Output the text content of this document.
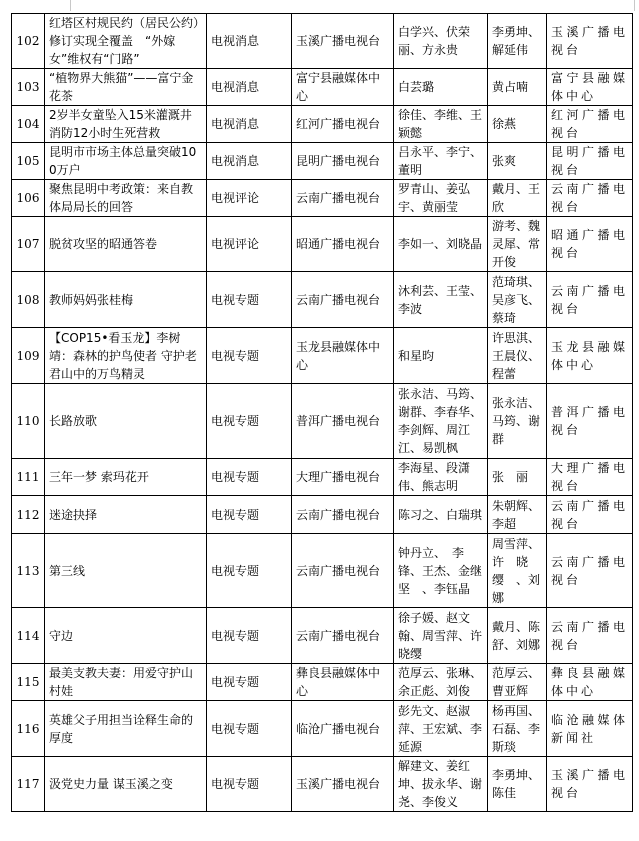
102	红塔区村规民约（居民公约）修订实现全覆盖　“外嫁女”维权有“门路”	电视消息	玉溪广播电视台	白学兴、伏荣丽、方永贵	李勇坤、解延伟	玉溪广播电视台
103	“植物界大熊猫”——富宁金花茶	电视消息	富宁县融媒体中心	白芸璐	黄占喃	富宁县融媒体中心
104	2岁半女童坠入15米灌溉井 消防12小时生死营救	电视消息	红河广播电视台	徐佳、李维、王颖懿	徐燕	红河广播电视台
105	昆明市市场主体总量突破100万户	电视消息	昆明广播电视台	吕永平、李宁、董明	张爽	昆明广播电视台
106	聚焦昆明中考政策：来自教体局局长的回答	电视评论	云南广播电视台	罗青山、姜弘宇、黄丽莹	戴月、王欣	云南广播电视台
107	脱贫攻坚的昭通答卷	电视评论	昭通广播电视台	李如一、刘晓晶	游考、魏灵犀、常开俊	昭通广播电视台
108	教师妈妈张桂梅	电视专题	云南广播电视台	沐利芸、王莹、李波	范琦琪、吴彦飞、蔡琦	云南广播电视台
109	【COP15•看玉龙】李树靖：森林的护鸟使者 守护老君山中的万鸟精灵	电视专题	玉龙县融媒体中心	和星昀	许思淇、王晨仪、程蕾	玉龙县融媒体中心
110	长路放歌	电视专题	普洱广播电视台	张永洁、马筠、谢群、李春华、李剑辉、周江江、易凯枫	张永洁、马筠、谢群	普洱广播电视台
111	三年一梦 索玛花开	电视专题	大理广播电视台	李海星、段潇伟、熊志明	张　丽	大理广播电视台
112	迷途抉择	电视专题	云南广播电视台	陈习之、白瑞琪	朱朝辉、李超	云南广播电视台
113	第三线	电视专题	云南广播电视台	钟丹立、　李锋、王杰、金继坚　、李钰晶	周雪萍、许　晓缨　、刘娜	云南广播电视台
114	守边	电视专题	云南广播电视台	徐子媛、赵文翰、周雪萍、许晓缨	戴月、陈舒、刘娜	云南广播电视台
115	最美支教夫妻：用爱守护山村娃	电视专题	彝良县融媒体中心	范厚云、张琳、余正彪、刘俊	范厚云、曹亚辉	彝良县融媒体中心
116	英雄父子用担当诠释生命的厚度	电视专题	临沧广播电视台	彭先文、赵淑萍、王宏斌、李延源	杨再国、石磊、李斯琰	临沧融媒体新闻社
117	汲党史力量 谋玉溪之变	电视专题	玉溪广播电视台	解建文、姜红坤、拔永华、谢尧、李俊义	李勇坤、陈佳	玉溪广播电视台
